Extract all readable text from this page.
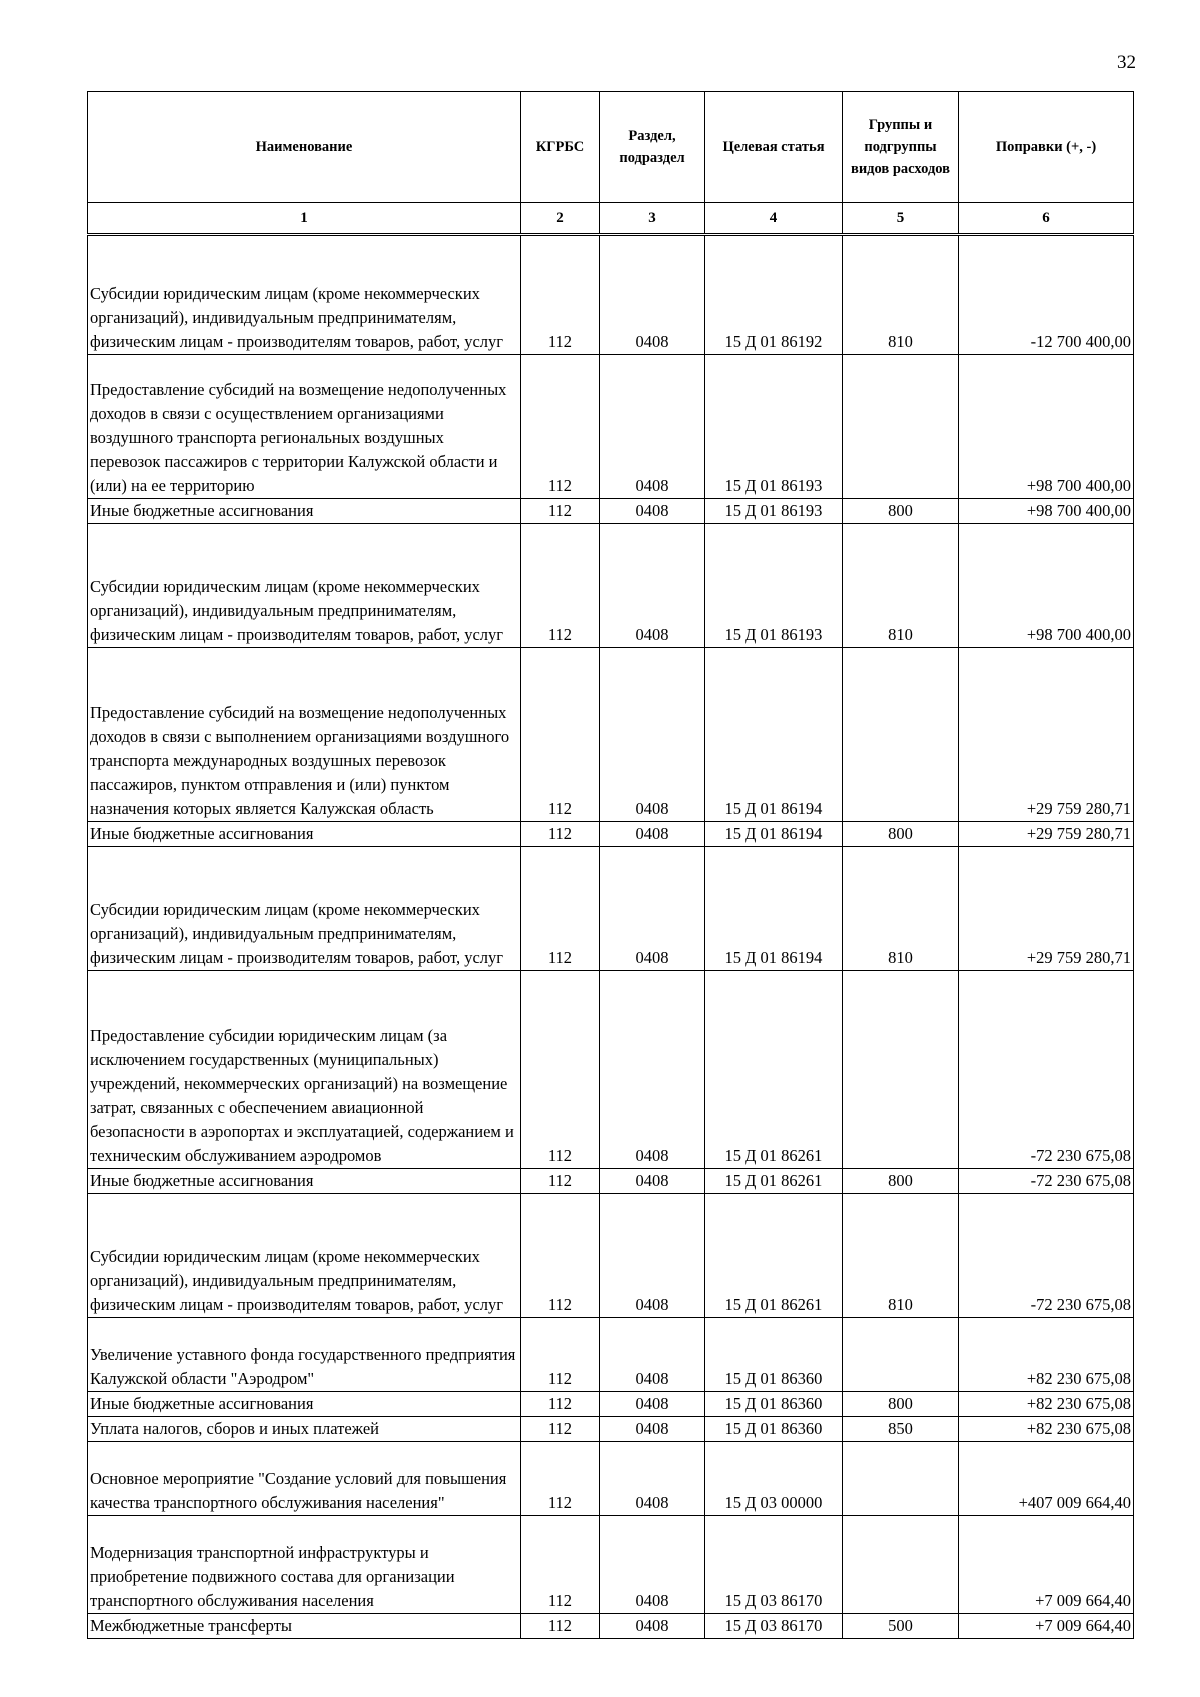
32
Наименование	КГРБС	Раздел, подраздел	Целевая статья	Группы и подгруппы видов расходов	Поправки (+, -)
1	2	3	4	5	6
Субсидии юридическим лицам (кроме некоммерческих организаций), индивидуальным предпринимателям, физическим лицам - производителям товаров, работ, услуг	112	0408	15 Д 01 86192	810	-12 700 400,00
Предоставление субсидий на возмещение недополученных доходов в связи с осуществлением организациями воздушного транспорта региональных воздушных перевозок пассажиров с территории Калужской области и (или) на ее территорию	112	0408	15 Д 01 86193		+98 700 400,00
Иные бюджетные ассигнования	112	0408	15 Д 01 86193	800	+98 700 400,00
Субсидии юридическим лицам (кроме некоммерческих организаций), индивидуальным предпринимателям, физическим лицам - производителям товаров, работ, услуг	112	0408	15 Д 01 86193	810	+98 700 400,00
Предоставление субсидий на возмещение недополученных доходов в связи с выполнением организациями воздушного транспорта международных воздушных перевозок пассажиров, пунктом отправления и (или) пунктом назначения которых является Калужская область	112	0408	15 Д 01 86194		+29 759 280,71
Иные бюджетные ассигнования	112	0408	15 Д 01 86194	800	+29 759 280,71
Субсидии юридическим лицам (кроме некоммерческих организаций), индивидуальным предпринимателям, физическим лицам - производителям товаров, работ, услуг	112	0408	15 Д 01 86194	810	+29 759 280,71
Предоставление субсидии юридическим лицам (за исключением государственных (муниципальных) учреждений, некоммерческих организаций) на возмещение затрат, связанных с обеспечением авиационной безопасности в аэропортах и эксплуатацией, содержанием и техническим обслуживанием аэродромов	112	0408	15 Д 01 86261		-72 230 675,08
Иные бюджетные ассигнования	112	0408	15 Д 01 86261	800	-72 230 675,08
Субсидии юридическим лицам (кроме некоммерческих организаций), индивидуальным предпринимателям, физическим лицам - производителям товаров, работ, услуг	112	0408	15 Д 01 86261	810	-72 230 675,08
Увеличение уставного фонда государственного предприятия Калужской области "Аэродром"	112	0408	15 Д 01 86360		+82 230 675,08
Иные бюджетные ассигнования	112	0408	15 Д 01 86360	800	+82 230 675,08
Уплата налогов, сборов и иных платежей	112	0408	15 Д 01 86360	850	+82 230 675,08
Основное мероприятие "Создание условий для повышения качества транспортного обслуживания населения"	112	0408	15 Д 03 00000		+407 009 664,40
Модернизация транспортной инфраструктуры и приобретение подвижного состава для организации транспортного обслуживания населения	112	0408	15 Д 03 86170		+7 009 664,40
Межбюджетные трансферты	112	0408	15 Д 03 86170	500	+7 009 664,40
